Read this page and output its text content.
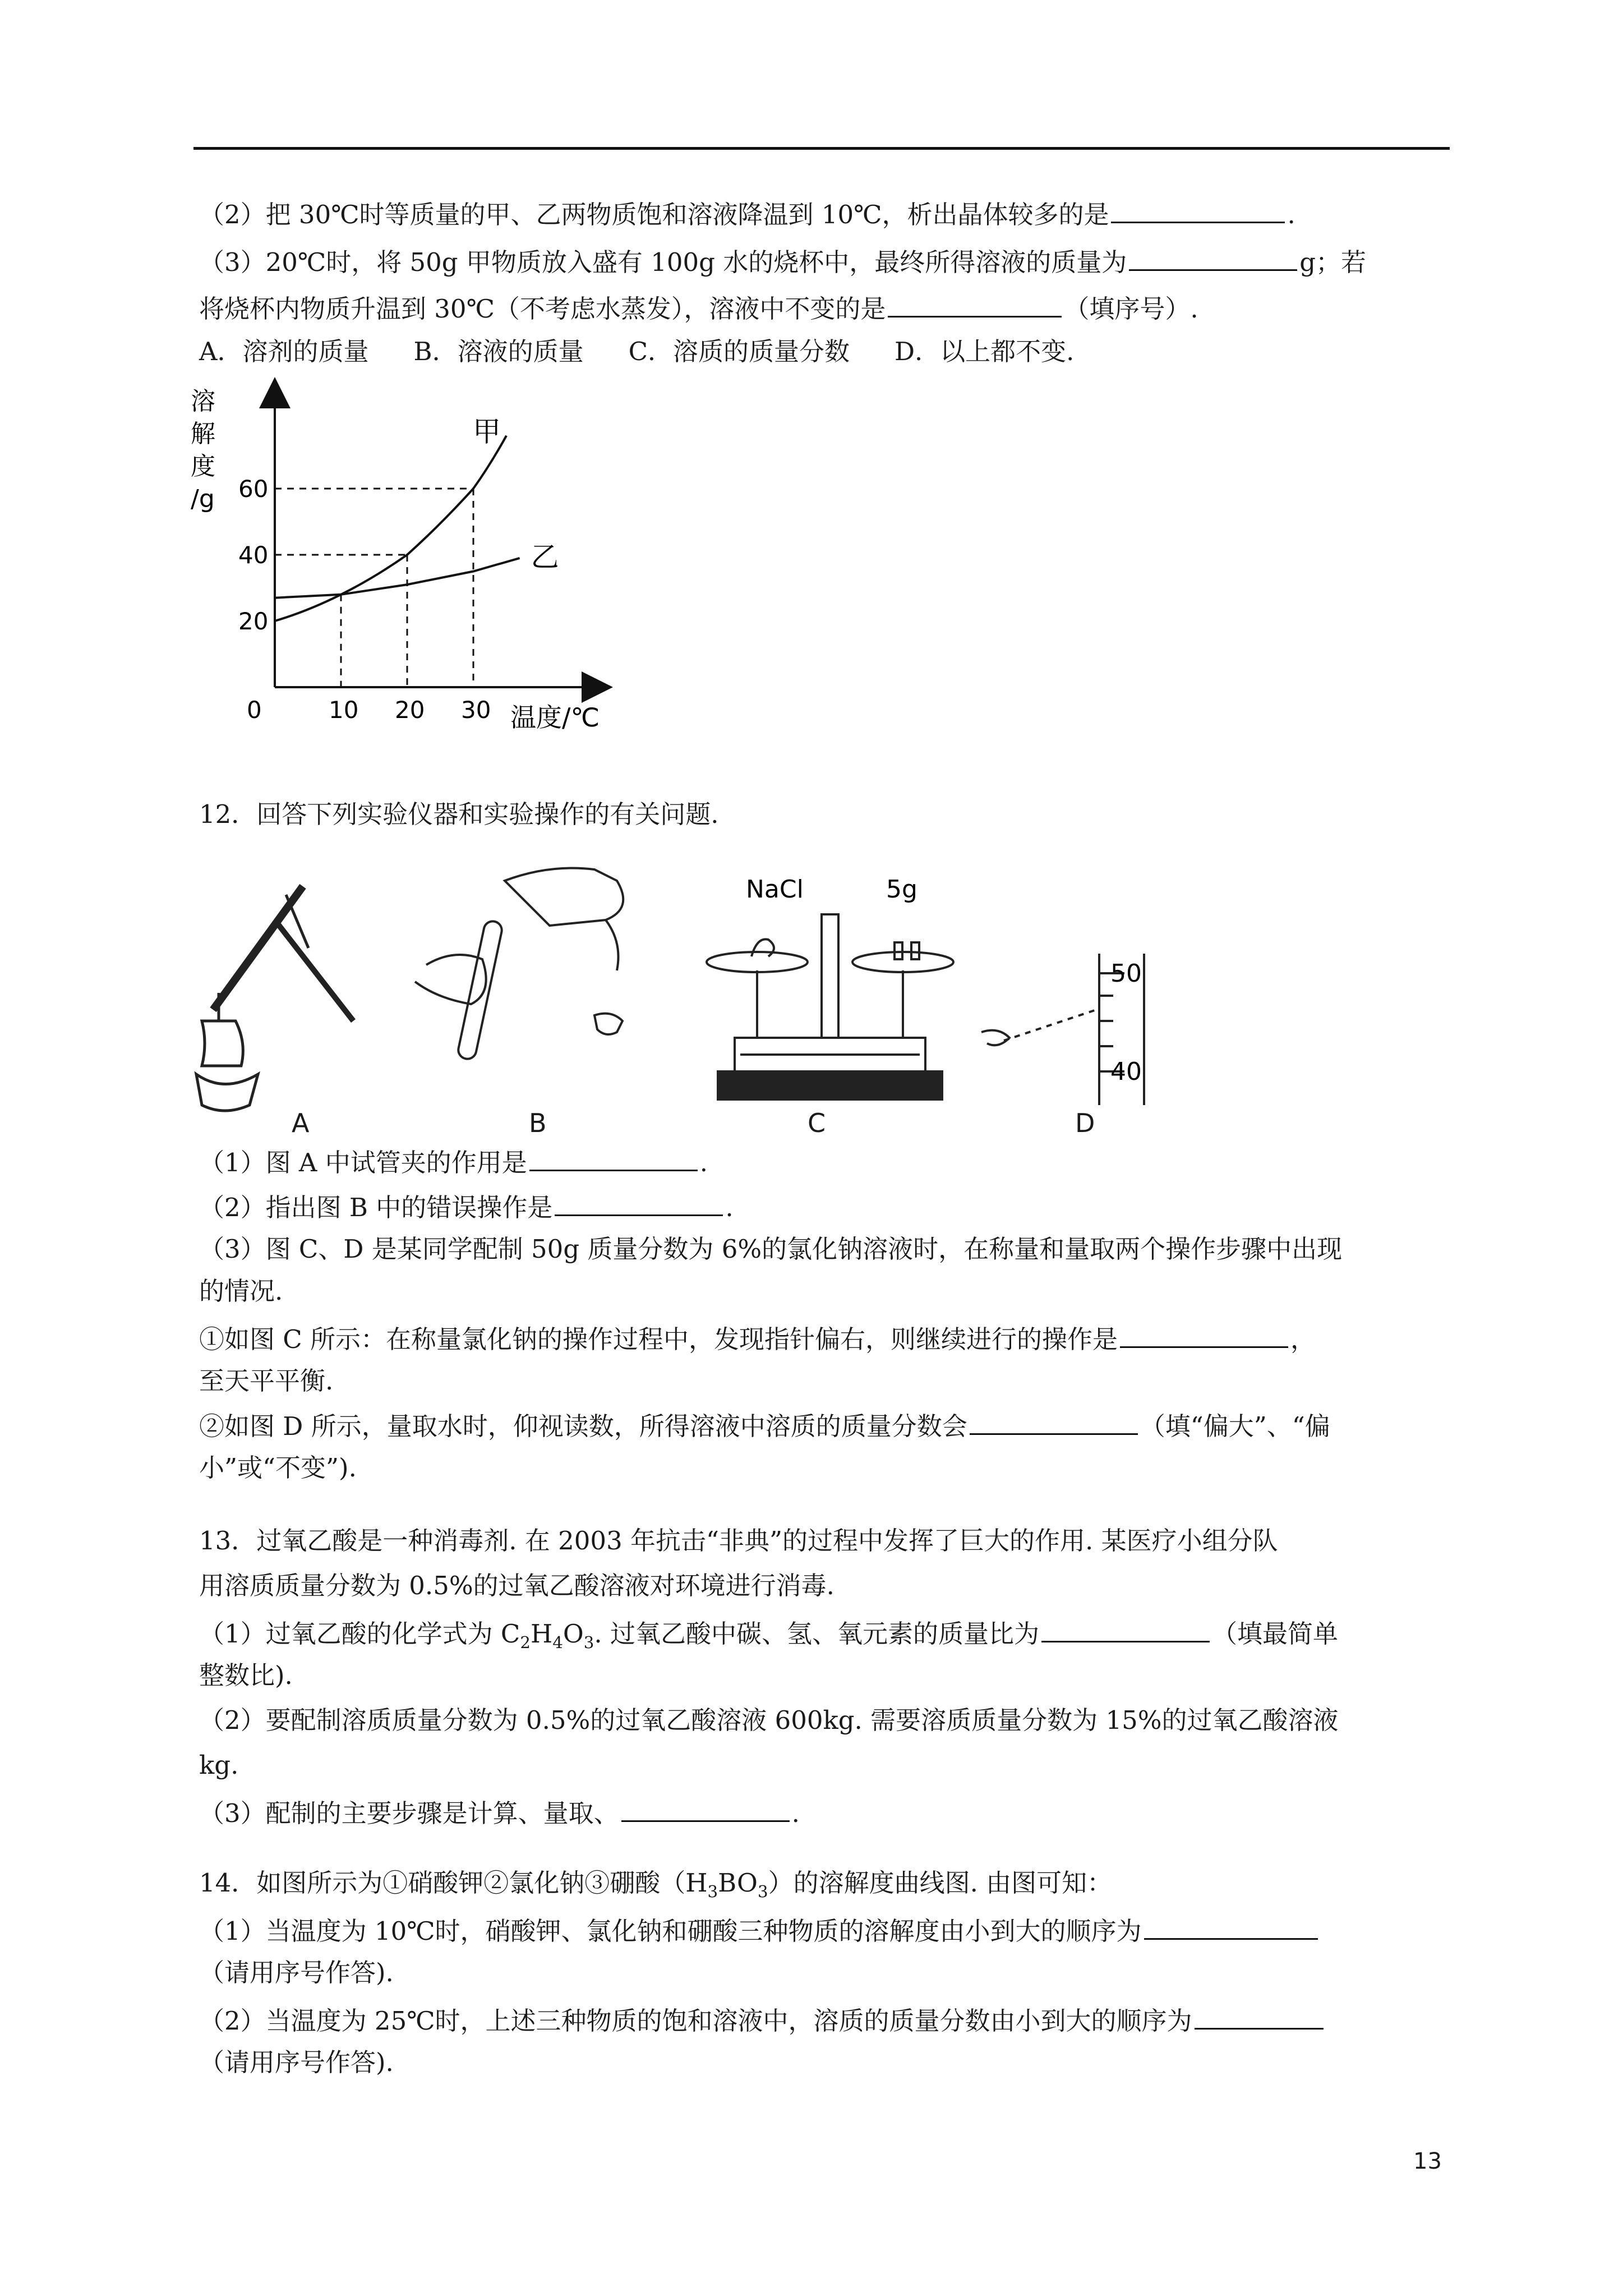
（2）把 30℃时等质量的甲、乙两物质饱和溶液降温到 10℃，析出晶体较多的是	.
（3）20℃时，将 50g 甲物质放入盛有 100g 水的烧杯中，最终所得溶液的质量为	g；若
将烧杯内物质升温到 30℃（不考虑水蒸发），溶液中不变的是	（填序号）.
A．溶剂的质量 B．溶液的质量 C．溶质的质量分数 D．以上都不变.
溶
解
度
/g
甲
乙
0	10 20 30
20
40
60
温度/℃
12．回答下列实验仪器和实验操作的有关问题.
NaCl	5g
50
40
A	B	C	D
（1）图 A 中试管夹的作用是	.
（2）指出图 B 中的错误操作是	.
（3）图 C、D 是某同学配制 50g 质量分数为 6%的氯化钠溶液时，在称量和量取两个操作步骤中出现
的情况.
①如图 C 所示：在称量氯化钠的操作过程中，发现指针偏右，则继续进行的操作是	，
至天平平衡.
②如图 D 所示，量取水时，仰视读数，所得溶液中溶质的质量分数会	（填“偏大”、“偏
小”或“不变”).
13．过氧乙酸是一种消毒剂. 在 2003 年抗击“非典”的过程中发挥了巨大的作用. 某医疗小组分队
用溶质质量分数为 0.5%的过氧乙酸溶液对环境进行消毒.
（1）过氧乙酸的化学式为 $C_2H_4O_3$. 过氧乙酸中碳、氢、氧元素的质量比为	（填最简单
整数比).
（2）要配制溶质质量分数为 0.5%的过氧乙酸溶液 600kg. 需要溶质质量分数为 15%的过氧乙酸溶液
kg.
（3）配制的主要步骤是计算、量取、	.
14．如图所示为①硝酸钾②氯化钠③硼酸$(H_3BO_3)$的溶解度曲线图. 由图可知：
（1）当温度为 10℃时，硝酸钾、氯化钠和硼酸三种物质的溶解度由小到大的顺序为
（请用序号作答).
（2）当温度为 25℃时，上述三种物质的饱和溶液中，溶质的质量分数由小到大的顺序为
（请用序号作答).
13
